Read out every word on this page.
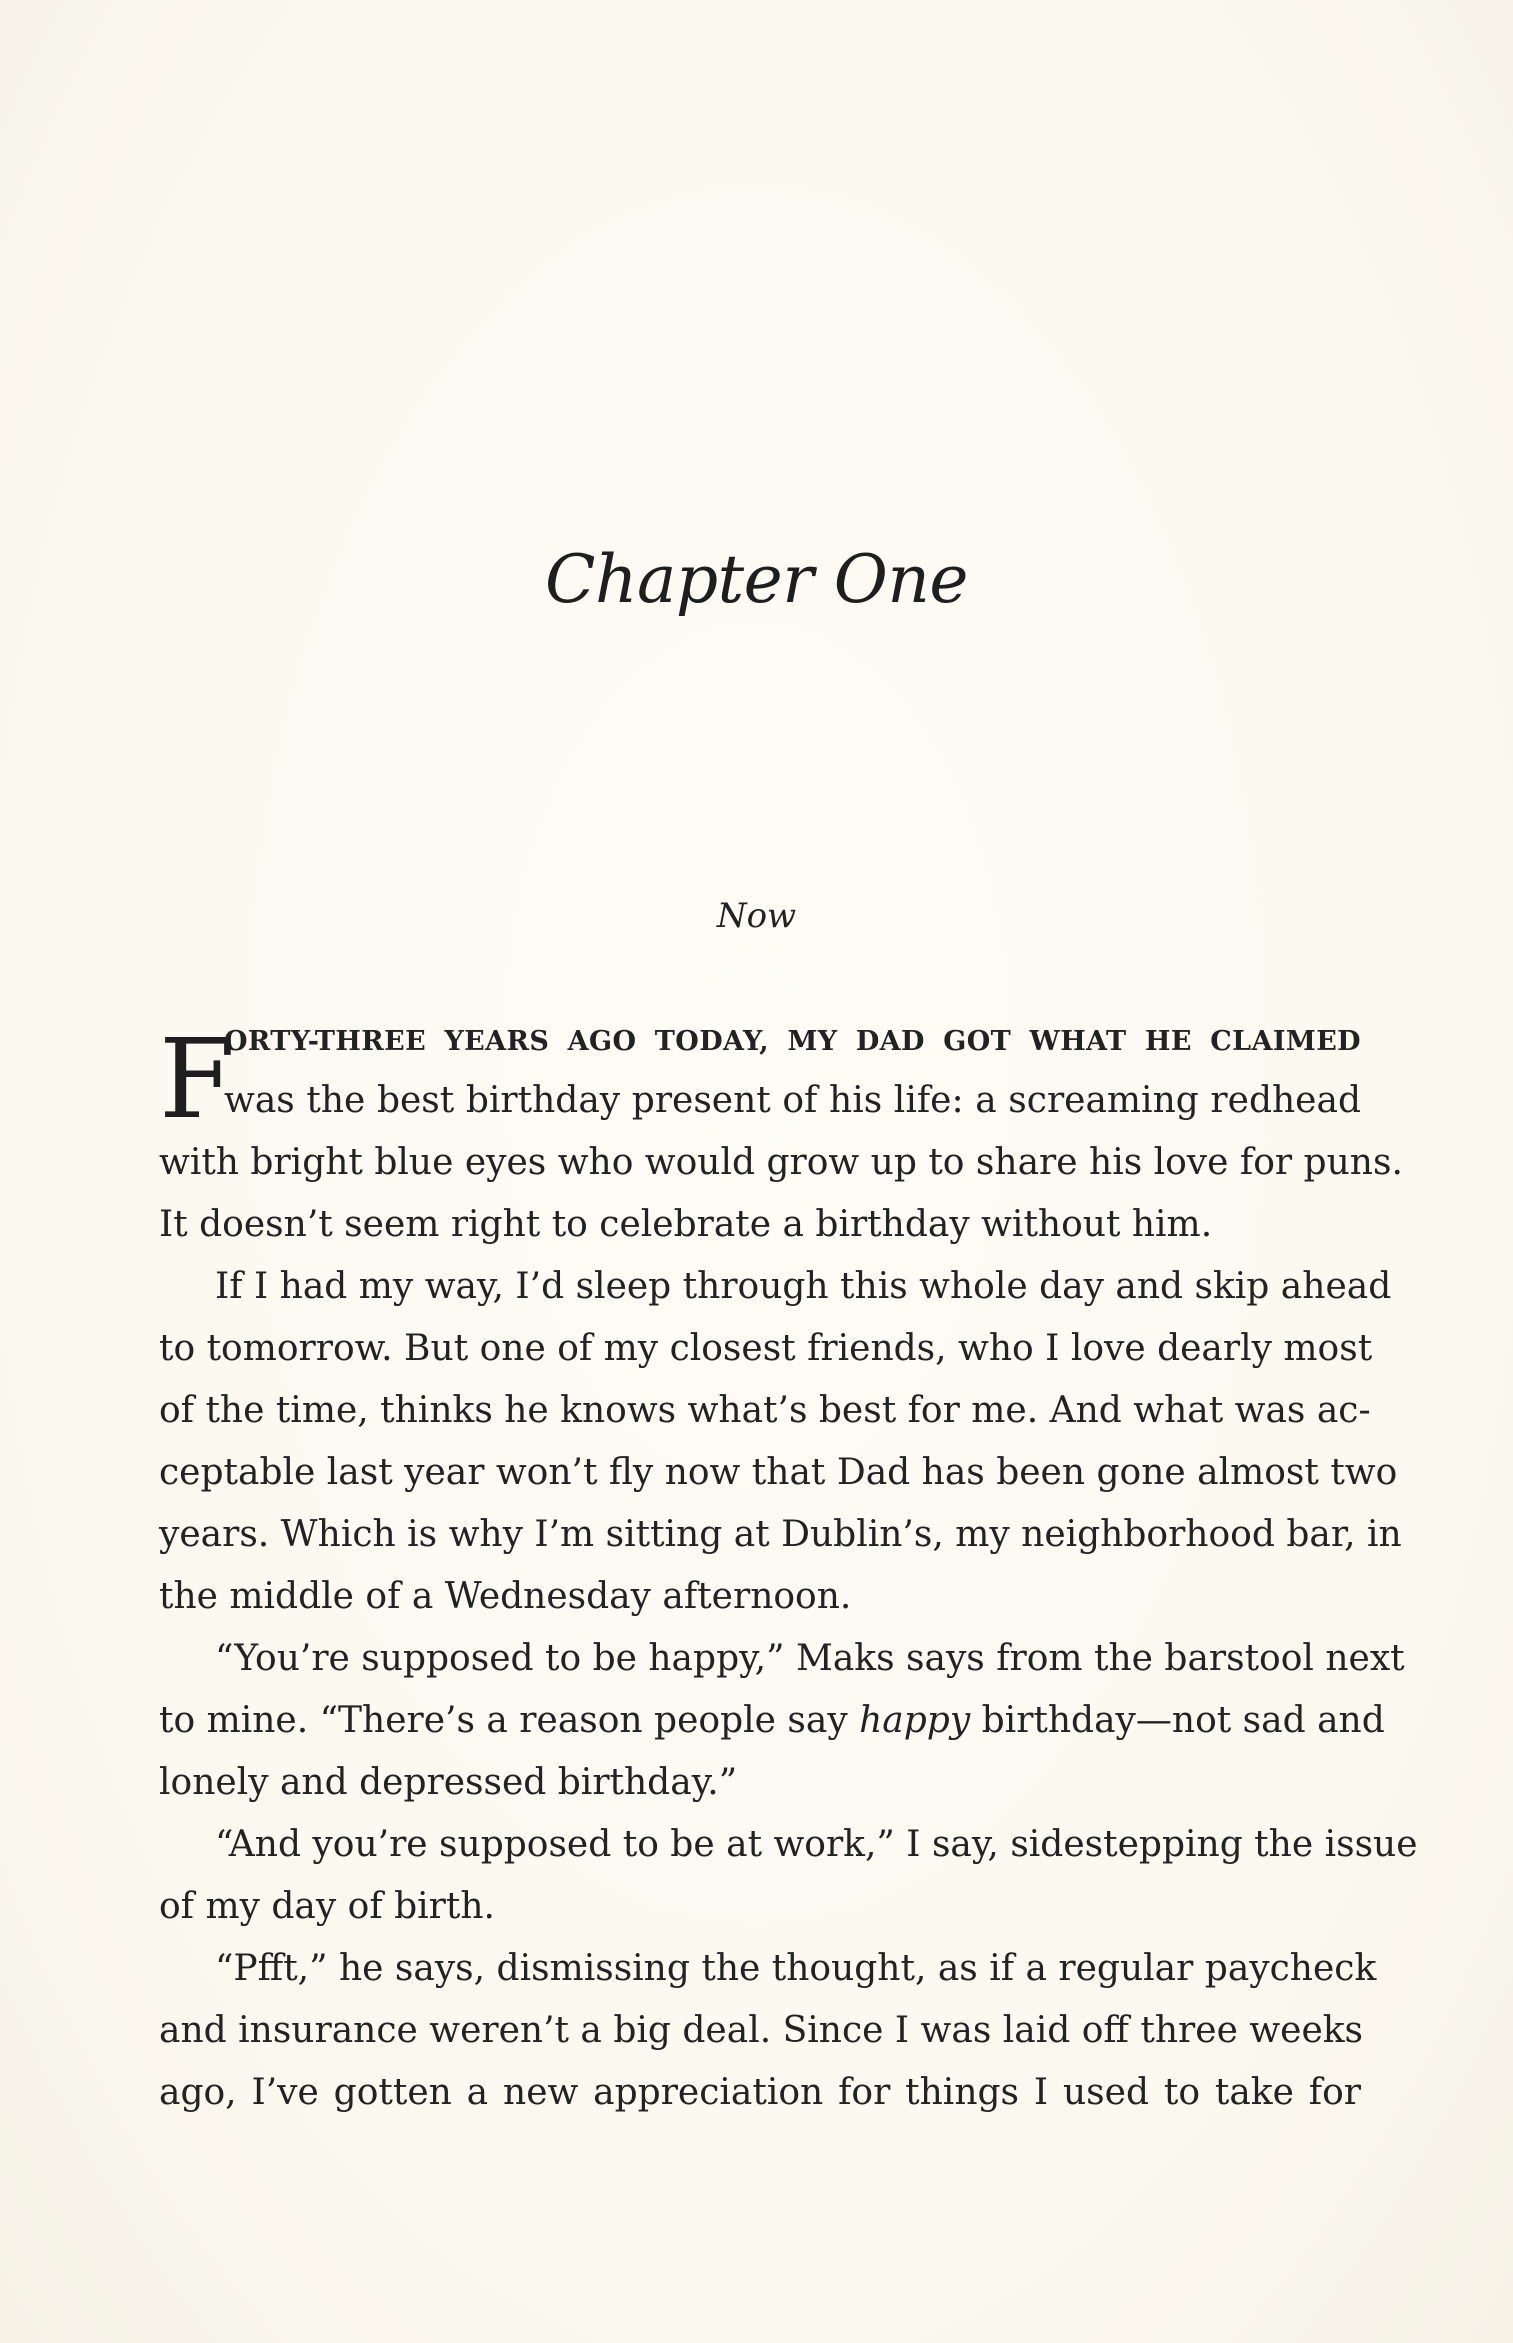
Chapter One
Now
F
ORTY-THREE YEARS AGO TODAY, MY DAD GOT WHAT HE CLAIMED
was the best birthday present of his life: a screaming redhead
with bright blue eyes who would grow up to share his love for puns.
It doesn’t seem right to celebrate a birthday without him.
If I had my way, I’d sleep through this whole day and skip ahead
to tomorrow. But one of my closest friends, who I love dearly most
of the time, thinks he knows what’s best for me. And what was ac-
ceptable last year won’t fly now that Dad has been gone almost two
years. Which is why I’m sitting at Dublin’s, my neighborhood bar, in
the middle of a Wednesday afternoon.
“You’re supposed to be happy,” Maks says from the barstool next
to mine. “There’s a reason people say happy birthday—not sad and
lonely and depressed birthday.”
“And you’re supposed to be at work,” I say, sidestepping the issue
of my day of birth.
“Pfft,” he says, dismissing the thought, as if a regular paycheck
and insurance weren’t a big deal. Since I was laid off three weeks
ago, I’ve gotten a new appreciation for things I used to take for
